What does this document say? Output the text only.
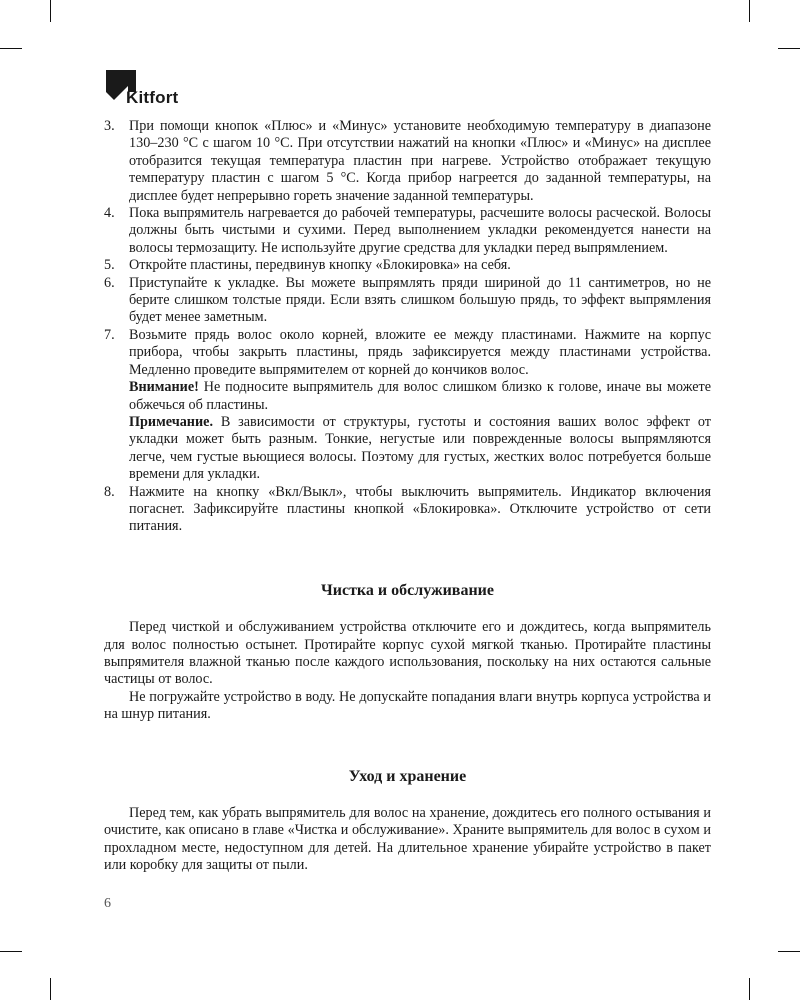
Kitfort
3. При помощи кнопок «Плюс» и «Минус» установите необходимую температуру в диапазоне 130–230 °C с шагом 10 °C. При отсутствии нажатий на кнопки «Плюс» и «Минус» на дисплее отобразится текущая температура пластин при нагреве. Устройство отображает текущую температуру пластин с шагом 5 °C. Когда прибор нагреется до заданной температуры, на дисплее будет непрерывно гореть значение заданной температуры.
4. Пока выпрямитель нагревается до рабочей температуры, расчешите волосы расческой. Волосы должны быть чистыми и сухими. Перед выполнением укладки рекомендуется нанести на волосы термозащиту. Не используйте другие средства для укладки перед выпрямлением.
5. Откройте пластины, передвинув кнопку «Блокировка» на себя.
6. Приступайте к укладке. Вы можете выпрямлять пряди шириной до 11 сантиметров, но не берите слишком толстые пряди. Если взять слишком большую прядь, то эффект выпрямления будет менее заметным.
7. Возьмите прядь волос около корней, вложите ее между пластинами. Нажмите на корпус прибора, чтобы закрыть пластины, прядь зафиксируется между пластинами устройства. Медленно проведите выпрямителем от корней до кончиков волос.

Внимание! Не подносите выпрямитель для волос слишком близко к голове, иначе вы можете обжечься об пластины.

Примечание. В зависимости от структуры, густоты и состояния ваших волос эффект от укладки может быть разным. Тонкие, негустые или поврежденные волосы выпрямляются легче, чем густые вьющиеся волосы. Поэтому для густых, жестких волос потребуется больше времени для укладки.

8. Нажмите на кнопку «Вкл/Выкл», чтобы выключить выпрямитель. Индикатор включения погаснет. Зафиксируйте пластины кнопкой «Блокировка». Отключите устройство от сети питания.
Чистка и обслуживание

Перед чисткой и обслуживанием устройства отключите его и дождитесь, когда выпрямитель для волос полностью остынет. Протирайте корпус сухой мягкой тканью. Протирайте пластины выпрямителя влажной тканью после каждого использования, поскольку на них остаются сальные частицы от волос.

Не погружайте устройство в воду. Не допускайте попадания влаги внутрь корпуса устройства и на шнур питания.

Уход и хранение

Перед тем, как убрать выпрямитель для волос на хранение, дождитесь его полного остывания и очистите, как описано в главе «Чистка и обслуживание». Храните выпрямитель для волос в сухом и прохладном месте, недоступном для детей. На длительное хранение убирайте устройство в пакет или коробку для защиты от пыли.

6
